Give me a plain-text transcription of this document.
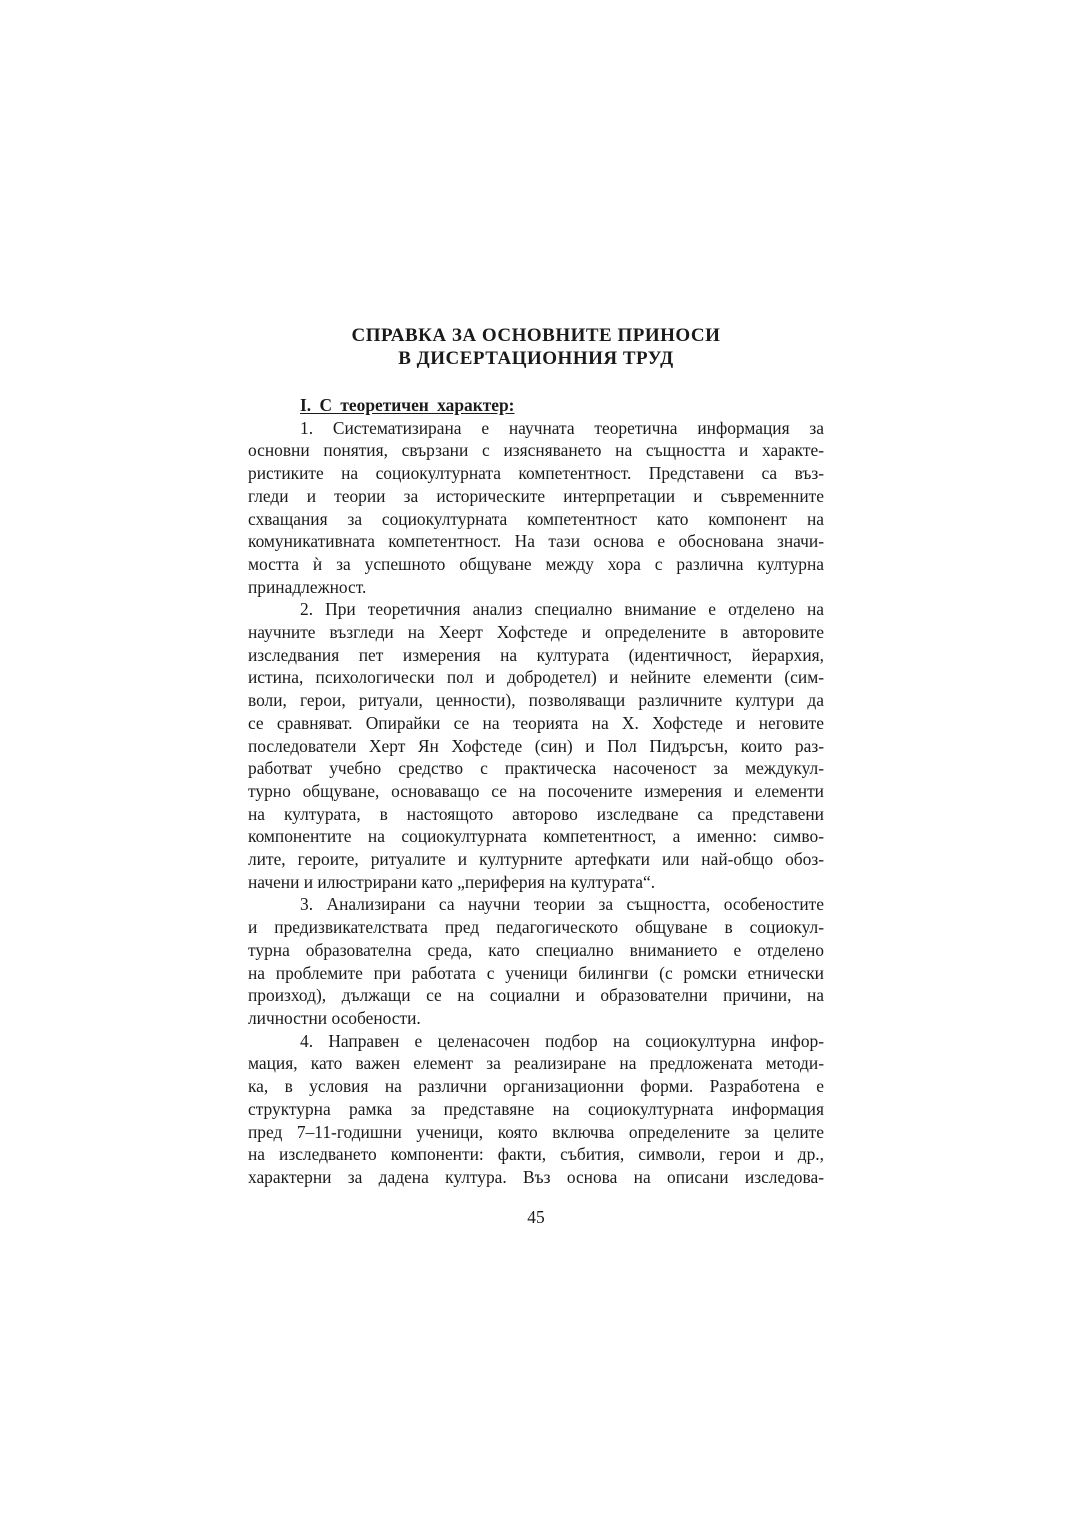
СПРАВКА ЗА ОСНОВНИТЕ ПРИНОСИ
В ДИСЕРТАЦИОННИЯ ТРУД

І. С теоретичен характер:

1. Систематизирана е научната теоретична информация за
основни понятия, свързани с изясняването на същността и характе-
ристиките на социокултурната компетентност. Представени са въз-
гледи и теории за историческите интерпретации и съвременните
схващания за социокултурната компетентност като компонент на
комуникативната компетентност. На тази основа е обоснована значи-
мостта ѝ за успешното общуване между хора с различна културна
принадлежност.
2. При теоретичния анализ специално внимание е отделено на
научните възгледи на Хеерт Хофстеде и определените в авторовите
изследвания пет измерения на културата (идентичност, йерархия,
истина, психологически пол и добродетел) и нейните елементи (сим-
воли, герои, ритуали, ценности), позволяващи различните култури да
се сравняват. Опирайки се на теорията на Х. Хофстеде и неговите
последователи Херт Ян Хофстеде (син) и Пол Пидърсън, които раз-
работват учебно средство с практическа насоченост за междукул-
турно общуване, основаващо се на посочените измерения и елементи
на културата, в настоящото авторово изследване са представени
компонентите на социокултурната компетентност, а именно: симво-
лите, героите, ритуалите и културните артефкати или най-общо обоз-
начени и илюстрирани като „периферия на културата“.
3. Анализирани са научни теории за същността, особеностите
и предизвикателствата пред педагогическото общуване в социокул-
турна образователна среда, като специално вниманието е отделено
на проблемите при работата с ученици билингви (с ромски етнически
произход), дължащи се на социални и образователни причини, на
личностни особености.
4. Направен е целенасочен подбор на социокултурна инфор-
мация, като важен елемент за реализиране на предложената методи-
ка, в условия на различни организационни форми. Разработена е
структурна рамка за представяне на социокултурната информация
пред 7–11-годишни ученици, която включва определените за целите
на изследването компоненти: факти, събития, символи, герои и др.,
характерни за дадена култура. Въз основа на описани изследова-
45
